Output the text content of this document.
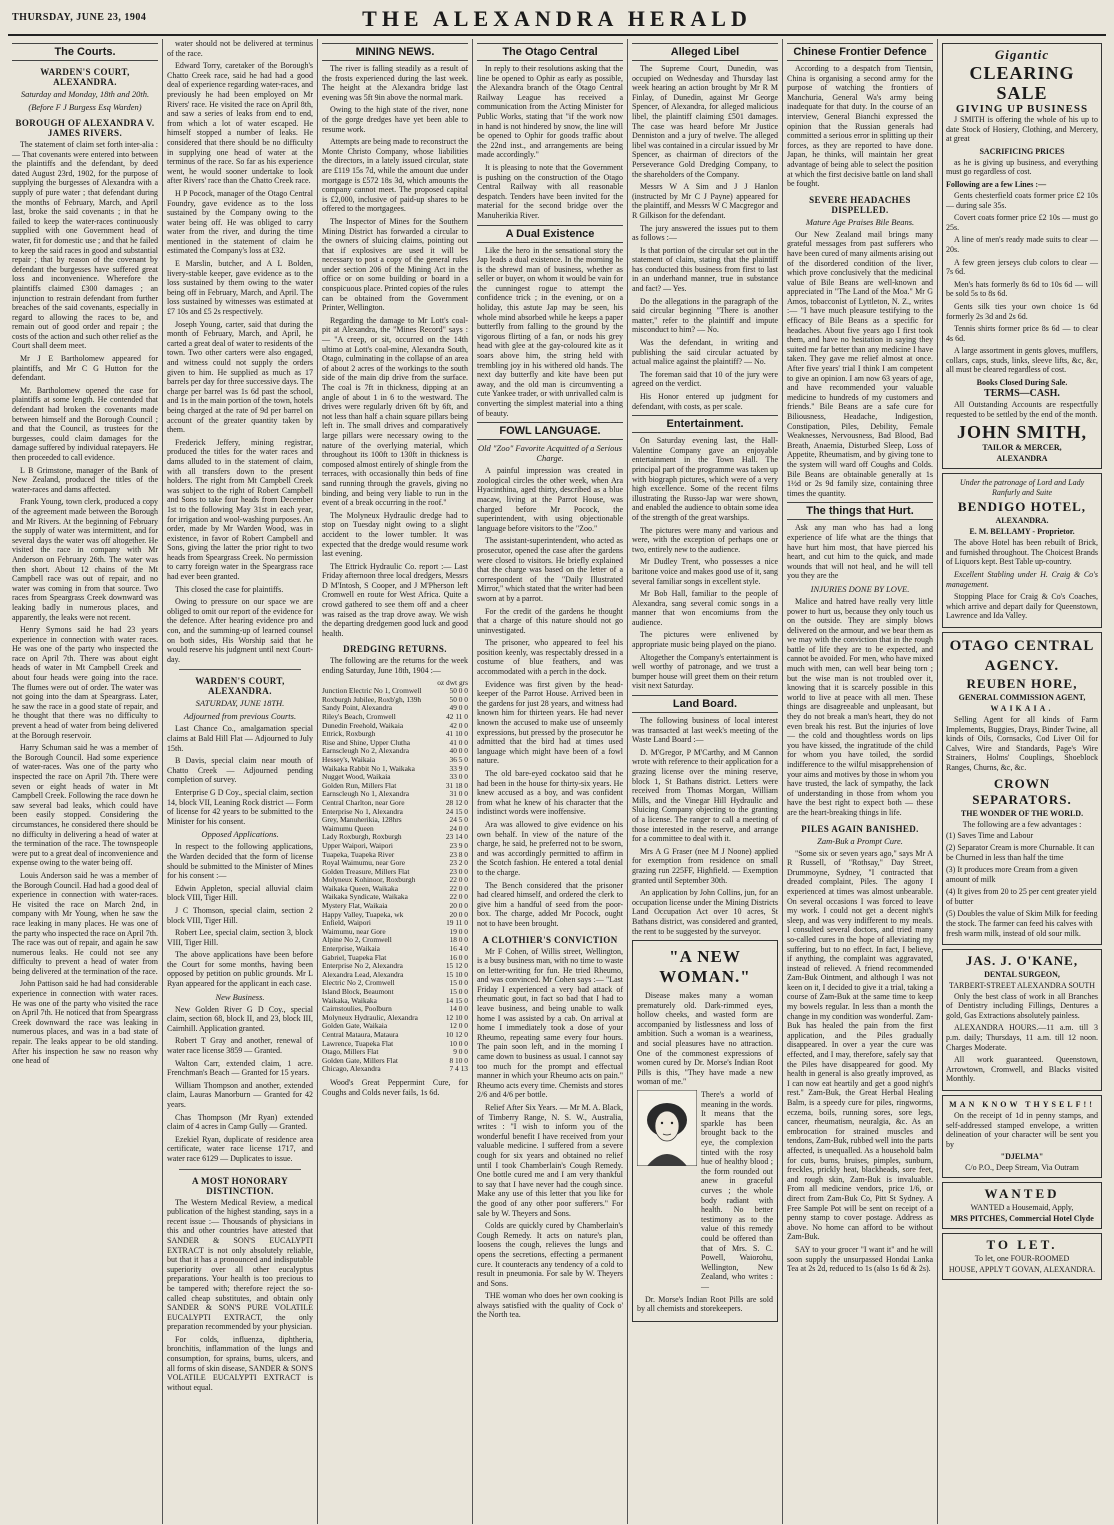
THURSDAY, JUNE 23, 1904	THE ALEXANDRA HERALD
The Courts.
WARDEN'S COURT, ALEXANDRA.
Saturday and Monday, 18th and 20th.
(Before F J Burgess Esq Warden)
BOROUGH OF ALEXANDRA V. JAMES RIVERS.

The statement of claim set forth inter-alia :— That covenants were entered into between the plaintiffs and the defendant, by deed dated August 23rd, 1902, for the purpose of supplying the burgesses of Alexandra with a supply of pure water ; that defendant during the months of February, March, and April last, broke the said covenants ; in that he failed to keep the water-races continuously supplied with one Government head of water, fit for domestic use ; and that he failed to keep the said races in good and substantial repair ; that by reason of the covenant by defendant the burgesses have suffered great loss and inconvenience. Wherefore the plaintiffs claimed £300 damages ; an injunction to restrain defendant from further breaches of the said covenants, especially in regard to allowing the races to be, and remain out of good order and repair ; the costs of the action and such other relief as the Court shall deem meet.

Mr J E Bartholomew appeared for plaintiffs, and Mr C G Hutton for the defendant.

Mr. Bartholomew opened the case for plaintiffs at some length. He contended that defendant had broken the covenants made between himself and the Borough Council ; and that the Council, as trustees for the burgesses, could claim damages for the damage suffered by individual ratepayers. He then proceeded to call evidence.

L B Grimstone, manager of the Bank of New Zealand, produced the titles of the water-races and dams affected.

Frank Young, town clerk, produced a copy of the agreement made between the Borough and Mr Rivers. At the beginning of February the supply of water was intermittent, and for several days the water was off altogether. He visited the race in company with Mr Anderson on February 26th. The water was then short. About 12 chains of the Mt Campbell race was out of repair, and no water was coming in from that source. Two races from Speargrass Creek downward was leaking badly in numerous places, and apparently, the leaks were not recent.

Henry Symons said he had 23 years experience in connection with water races. He was one of the party who inspected the race on April 7th. There was about eight heads of water in Mt Campbell Creek and about four heads were going into the race. The flumes were out of order. The water was not going into the dam at Speargrass. Later, he saw the race in a good state of repair, and he thought that there was no difficulty to prevent a head of water from being delivered at the Borough reservoir.

Harry Schuman said he was a member of the Borough Council. Had some experience of water-races. Was one of the party who inspected the race on April 7th. There were seven or eight heads of water in Mt Campbell Creek. Following the race down he saw several bad leaks, which could have been easily stopped. Considering the circumstances, he considered there should be no difficulty in delivering a head of water at the termination of the race. The townspeople were put to a great deal of inconvenience and expense owing to the water being off.

Louis Anderson said he was a member of the Borough Council. Had had a good deal of experience in connection with water-races. He visited the race on March 2nd, in company with Mr Young, when he saw the race leaking in many places. He was one of the party who inspected the race on April 7th. The race was out of repair, and again he saw numerous leaks. He could not see any difficulty to prevent a head of water from being delivered at the termination of the race.

John Pattison said he had had considerable experience in connection with water races. He was one of the party who visited the race on April 7th. He noticed that from Speargrass Creek downward the race was leaking in numerous places, and was in a bad state of repair. The leaks appear to be old standing. After his inspection he saw no reason why one head of

water should not be delivered at terminus of the race.

Edward Torry, caretaker of the Borough's Chatto Creek race, said he had had a good deal of experience regarding water-races, and previously he had been employed on Mr Rivers' race. He visited the race on April 8th, and saw a series of leaks from end to end, from which a lot of water escaped. He himself stopped a number of leaks. He considered that there should be no difficulty in supplying one head of water at the terminus of the race. So far as his experience went, he would sooner undertake to look after Rivers' race than the Chatto Creek race.

H P Pocock, manager of the Otago Central Foundry, gave evidence as to the loss sustained by the Company owing to the water being off. He was obliged to carry water from the river, and during the time mentioned in the statement of claim he estimated the Company's loss at £32.

E Marslin, butcher, and A L Bolden, livery-stable keeper, gave evidence as to the loss sustained by them owing to the water being off in February, March, and April. The loss sustained by witnesses was estimated at £7 10s and £5 2s respectively.

Joseph Young, carter, said that during the month of February, March, and April, he carted a great deal of water to residents of the town. Two other carters were also engaged, and witness could not supply the orders given to him. He supplied as much as 17 barrels per day for three successive days. The charge per barrel was 1s 6d past the school, and 1s in the main portion of the town, hotels being charged at the rate of 9d per barrel on account of the greater quantity taken by them.

Frederick Jeffery, mining registrar, produced the titles for the water races and dams alluded to in the statement of claim, with all transfers down to the present holders. The right from Mt Campbell Creek was subject to the right of Robert Campbell and Sons to take four heads from December 1st to the following May 31st in each year, for irrigation and wool-washing purposes. An order, made by Mr Warden Wood, was in existence, in favor of Robert Campbell and Sons, giving the latter the prior right to two heads from Speargrass Creek. No permission to carry foreign water in the Speargrass race had ever been granted.

This closed the case for plaintiffs.

Owing to pressure on our space we are obliged to omit our report of the evidence for the defence. After hearing evidence pro and con, and the summing-up of learned counsel on both sides, His Worship said that he would reserve his judgment until next Court-day.

WARDEN'S COURT, ALEXANDRA.
SATURDAY, JUNE 18TH.
Adjourned from previous Courts.

Last Chance Co., amalgamation special claims at Bald Hill Flat — Adjourned to July 15th.

B Davis, special claim near mouth of Chatto Creek — Adjourned pending completion of survey.

Enterprise G D Coy., special claim, section 14, block VII, Leaning Rock district — Form of license for 42 years to be submitted to the Minister for his consent.

Opposed Applications.

In respect to the following applications, the Warden decided that the form of license should be submitted to the Minister of Mines for his consent :—

Edwin Appleton, special alluvial claim block VIII, Tiger Hill.

J C Thomson, special claim, section 2 block VIII, Tiger Hill.

Robert Lee, special claim, section 3, block VIII, Tiger Hill.

The above applications have been before the Court for some months, having been opposed by petition on public grounds. Mr L Ryan appeared for the applicant in each case.

New Business.

New Golden River G D Coy., special claim, section 68, block II, and 23, block III, Cairnhill. Application granted.

Robert T Gray and another, renewal of water race license 3859 — Granted.

Walton Carr, extended claim, 1 acre. Frenchman's Beach — Granted for 15 years.

William Thompson and another, extended claim, Lauras Manorburn — Granted for 42 years.

Chas Thompson (Mr Ryan) extended claim of 4 acres in Camp Gully — Granted.

Ezekiel Ryan, duplicate of residence area certificate, water race license 1717, and water race 6129 — Duplicates to issue.

A MOST HONORARY DISTINCTION.

The Western Medical Review, a medical publication of the highest standing, says in a recent issue :— Thousands of physicians in this and other countries have attested that SANDER & SON'S EUCALYPTI EXTRACT is not only absolutely reliable, but that it has a pronounced and indisputable superiority over all other eucalyptus preparations. Your health is too precious to be tampered with; therefore reject the so-called cheap substitutes, and obtain only SANDER & SON'S PURE VOLATILE EUCALYPTI EXTRACT, the only preparation recommended by your physician.

For colds, influenza, diphtheria, bronchitis, inflammation of the lungs and consumption, for sprains, burns, ulcers, and all forms of skin disease, SANDER & SON'S VOLATILE EUCALYPTI EXTRACT is without equal.

MINING NEWS.

The river is falling steadily as a result of the frosts experienced during the last week. The height at the Alexandra bridge last evening was 5ft 9in above the normal mark.

Owing to the high state of the river, none of the gorge dredges have yet been able to resume work.

Attempts are being made to reconstruct the Monte Christo Company, whose liabilities the directors, in a lately issued circular, state are £119 15s 7d, while the amount due under mortgage is £572 18s 3d, which amounts the company cannot meet. The proposed capital is £2,000, inclusive of paid-up shares to be offered to the mortgagees.

The Inspector of Mines for the Southern Mining District has forwarded a circular to the owners of sluicing claims, pointing out that if explosives are used it will be necessary to post a copy of the general rules under section 206 of the Mining Act in the office or on some building or board in a conspicuous place. Printed copies of the rules can be obtained from the Government Printer, Wellington.

Regarding the damage to Mr Lott's coal-pit at Alexandra, the "Mines Record" says :— "A creep, or sit, occurred on the 14th ultimo at Lott's coal-mine, Alexandra South, Otago, culminating in the collapse of an area of about 2 acres of the workings to the south side of the main dip drive from the surface. The coal is 7ft in thickness, dipping at an angle of about 1 in 6 to the westward. The drives were regularly driven 6ft by 6ft, and not less than half a chain square pillars being left in. The small drives and comparatively large pillars were necessary owing to the nature of the overlying material, which throughout its 100ft to 130ft in thickness is composed almost entirely of shingle from the terraces, with occasionally thin beds of fine sand running through the gravels, giving no binding, and being very liable to run in the event of a break occurring in the roof."

The Molyneux Hydraulic dredge had to stop on Tuesday night owing to a slight accident to the lower tumbler. It was expected that the dredge would resume work last evening.

The Ettrick Hydraulic Co. report :— Last Friday afternoon three local dredgers, Messrs D M'Intosh, S Cooper, and J M'Pherson left Cromwell en route for West Africa. Quite a crowd gathered to see them off and a cheer was raised as the trap drove away. We wish the departing dredgemen good luck and good health.

DREDGING RETURNS.

The following are the returns for the week ending Saturday, June 18th, 1904 :—

oz dwt grs
Junction Electric No 1, Cromwell	50 0 0
Roxburgh Jubilee, Roxb'gh, 139h	50 0 0
Sandy Point, Alexandra	49 0 0
Riley's Beach, Cromwell	42 11 0
Dunedin Freehold, Waikaia	42 0 0
Ettrick, Roxburgh	41 10 0
Rise and Shine, Upper Clutha	41 0 0
Earnscleugh No 2, Alexandra	40 0 0
Hessey's, Waikaia	36 5 0
Waikaka Rabbit No 1, Waikaka	33 9 0
Nugget Wood, Waikaia	33 0 0
Golden Run, Millers Flat	31 18 0
Earnscleugh No 1, Alexandra	31 0 0
Central Charlton, near Gore	28 12 0
Enterprise No 1, Alexandra	24 15 0
Grey, Manuherikia, 128hrs	24 5 0
Waimumu Queen	24 0 0
Lady Roxburgh, Roxburgh	23 14 0
Upper Waipori, Waipori	23 9 0
Tuapeka, Tuapeka River	23 8 0
Royal Waimumu, near Gore	23 2 0
Golden Treasure, Millers Flat	23 0 0
Molyneux Kohinoor, Roxburgh	22 0 0
Waikaka Queen, Waikaka	22 0 0
Waikaka Syndicate, Waikaka	22 0 0
Mystery Flat, Waikaia	20 0 0
Happy Valley, Tuapeka, wk	20 0 0
Enfield, Waipori	19 11 0
Waimumu, near Gore	19 0 0
Alpine No 2, Cromwell	18 0 0
Enterprise, Waikaia	16 4 0
Gabriel, Tuapeka Flat	16 0 0
Enterprise No 2, Alexandra	15 12 0
Alexandra Lead, Alexandra	15 10 0
Electric No 2, Cromwell	15 0 0
Island Block, Beaumont	15 0 0
Waikaka, Waikaka	14 15 0
Cairnstoulies, Poolburn	14 0 0
Molyneux Hydraulic, Alexandra	12 10 0
Golden Gate, Waikaia	12 0 0
Central Mataura, Mataura	10 12 0
Lawrence, Tuapeka Flat	10 0 0
Otago, Millers Flat	9 0 0
Golden Gate, Millers Flat	8 10 0
Chicago, Alexandra	7 4 13

Wood's Great Peppermint Cure, for Coughs and Colds never fails, 1s 6d.

The Otago Central

In reply to their resolutions asking that the line be opened to Ophir as early as possible, the Alexandra branch of the Otago Central Railway League has received a communication from the Acting Minister for Public Works, stating that "if the work now in hand is not hindered by snow, the line will be opened to Ophir for goods traffic about the 22nd inst., and arrangements are being made accordingly."

It is pleasing to note that the Government is pushing on the construction of the Otago Central Railway with all reasonable despatch. Tenders have been invited for the material for the second bridge over the Manuherikia River.

A Dual Existence

Like the hero in the sensational story the Jap leads a dual existence. In the morning he is the shrewd man of business, whether as seller or buyer, on whom it would be vain for the cunningest rogue to attempt the confidence trick ; in the evening, or on a holiday, this astute Jap may be seen, his whole mind absorbed while he keeps a paper butterfly from falling to the ground by the vigorous flirting of a fan, or nods his grey head with glee at the gay-coloured kite as it soars above him, the string held with trembling joy in his withered old hands. The next day butterfly and kite have been put away, and the old man is circumventing a cute Yankee trader, or with unrivalled calm is converting the simplest material into a thing of beauty.

FOWL LANGUAGE.
Old "Zoo" Favorite Acquitted of a Serious Charge.

A painful impression was created in zoological circles the other week, when Ara Hyacinthina, aged thirty, described as a blue macaw, living at the Parrot House, was charged before Mr Pocock, the superintendent, with using objectionable language before visitors to the "Zoo."

The assistant-superintendent, who acted as prosecutor, opened the case after the gardens were closed to visitors. He briefly explained that the charge was based on the letter of a correspondent of the "Daily Illustrated Mirror," which stated that the writer had been sworn at by a parrot.

For the credit of the gardens he thought that a charge of this nature should not go uninvestigated.

The prisoner, who appeared to feel his position keenly, was respectably dressed in a costume of blue feathers, and was accommodated with a perch in the dock.

Evidence was first given by the head-keeper of the Parrot House. Arrived been in the gardens for just 28 years, and witness had known him for thirteen years. He had never known the accused to make use of unseemly expressions, but pressed by the prosecutor he admitted that the bird had at times used language which might have been of a fowl nature.

The old bare-eyed cockatoo said that he had been in the house for thirty-six years. He knew accused as a boy, and was confident from what he knew of his character that the indistinct words were inoffensive.

Ara was allowed to give evidence on his own behalf. In view of the nature of the charge, he said, he preferred not to be sworn, and was accordingly permitted to affirm in the Scotch fashion. He entered a total denial to the charge.

The Bench considered that the prisoner had cleared himself, and ordered the clerk to give him a handful of seed from the poor-box. The charge, added Mr Pocock, ought not to have been brought.

A CLOTHIER'S CONVICTION

Mr F Cohen, of Willis street, Wellington, is a busy business man, with no time to waste on letter-writing for fun. He tried Rheumo, and was convinced. Mr Cohen says :— "Last Friday I experienced a very bad attack of rheumatic gout, in fact so bad that I had to leave business, and being unable to walk home I was assisted by a cab. On arrival at home I immediately took a dose of your Rheumo, repeating same every four hours. The pain soon left, and in the morning I came down to business as usual. I cannot say too much for the prompt and effectual manner in which your Rheumo acts on pain." Rheumo acts every time. Chemists and stores 2/6 and 4/6 per bottle.

Relief After Six Years. — Mr M. A. Black, of Timberry Range, N. S. W., Australia, writes : "I wish to inform you of the wonderful benefit I have received from your valuable medicine. I suffered from a severe cough for six years and obtained no relief until I took Chamberlain's Cough Remedy. One bottle cured me and I am very thankful to say that I have never had the cough since. Make any use of this letter that you like for the good of any other poor sufferers." For sale by W. Theyers and Sons.

Colds are quickly cured by Chamberlain's Cough Remedy. It acts on nature's plan, loosens the cough, relieves the lungs and opens the secretions, effecting a permanent cure. It counteracts any tendency of a cold to result in pneumonia. For sale by W. Theyers and Sons.

THE woman who does her own cooking is always satisfied with the quality of Cock o' the North tea.

Alleged Libel

The Supreme Court, Dunedin, was occupied on Wednesday and Thursday last week hearing an action brought by Mr R M Finlay, of Dunedin, against Mr George Spencer, of Alexandra, for alleged malicious libel, the plaintiff claiming £501 damages. The case was heard before Mr Justice Denniston and a jury of twelve. The alleged libel was contained in a circular issued by Mr Spencer, as chairman of directors of the Perseverance Gold Dredging Company, to the shareholders of the Company.

Messrs W A Sim and J J Hanlon (instructed by Mr C J Payne) appeared for the plaintiff, and Messrs W C Macgregor and R Gilkison for the defendant.

The jury answered the issues put to them as follows :—

Is that portion of the circular set out in the statement of claim, stating that the plaintiff has conducted this business from first to last in an underhand manner, true in substance and fact? — Yes.

Do the allegations in the paragraph of the said circular beginning "There is another matter," refer to the plaintiff and impute misconduct to him? — No.

Was the defendant, in writing and publishing the said circular actuated by actual malice against the plaintiff? — No.

The foreman said that 10 of the jury were agreed on the verdict.

His Honor entered up judgment for defendant, with costs, as per scale.

Entertainment.

On Saturday evening last, the Hall-Valentine Company gave an enjoyable entertainment in the Town Hall. The principal part of the programme was taken up with biograph pictures, which were of a very high excellence. Some of the recent films illustrating the Russo-Jap war were shown, and enabled the audience to obtain some idea of the strength of the great warships.

The pictures were many and various and were, with the exception of perhaps one or two, entirely new to the audience.

Mr Dudley Trent, who possesses a nice baritone voice and makes good use of it, sang several familiar songs in excellent style.

Mr Bob Hall, familiar to the people of Alexandra, sang several comic songs in a manner that won encomiums from the audience.

The pictures were enlivened by appropriate music being played on the piano.

Altogether the Company's entertainment is well worthy of patronage, and we trust a bumper house will greet them on their return visit next Saturday.

Land Board.

The following business of local interest was transacted at last week's meeting of the Waste Land Board :—

D. M'Gregor, P M'Carthy, and M Cannon wrote with reference to their application for a grazing license over the mining reserve, block 1, St Bathans district. Letters were received from Thomas Morgan, William Mills, and the Vinegar Hill Hydraulic and Sluicing Company objecting to the granting of a license. The ranger to call a meeting of those interested in the reserve, and arrange for a committee to deal with it.

Mrs A G Fraser (nee M J Noone) applied for exemption from residence on small grazing run 225FF, Highfield. — Exemption granted until September 30th.

An application by John Collins, jun, for an occupation license under the Mining Districts Land Occupation Act over 10 acres, St Bathans district, was considered and granted, the rent to be suggested by the surveyor.

"A NEW WOMAN."

Disease makes many a woman prematurely old. Dark-rimmed eyes, hollow cheeks, and wasted form are accompanied by listlessness and loss of ambition. Such a woman is a weariness, and social pleasures have no attraction. One of the commonest expressions of women cured by Dr. Morse's Indian Root Pills is this, "They have made a new woman of me."

There's a world of meaning in the words. It means that the sparkle has been brought back to the eye, the complexion tinted with the rosy hue of healthy blood ; the form rounded out anew in graceful curves ; the whole body radiant with health. No better testimony as to the value of this remedy could be offered than that of Mrs. S. C. Powell, Waiorohu, Wellington, New Zealand, who writes :—

Dr. Morse's Indian Root Pills are sold by all chemists and storekeepers.

Chinese Frontier Defence

According to a despatch from Tientsin, China is organising a second army for the purpose of watching the frontiers of Manchuria, General Wa's army being inadequate for that duty. In the course of an interview, General Bianchi expressed the opinion that the Russian generals had committed a serious error in splitting up their forces, as they are reported to have done. Japan, he thinks, will maintain her great advantage of being able to select the position at which the first decisive battle on land shall be fought.

SEVERE HEADACHES DISPELLED.
Mature Age Praises Bile Beans.

Our New Zealand mail brings many grateful messages from past sufferers who have been cured of many ailments arising out of the disordered condition of the liver, which prove conclusively that the medicinal value of Bile Beans are well-known and appreciated in "The Land of the Moa." Mr G Amos, tobacconist of Lyttleton, N. Z., writes :— "I have much pleasure testifying to the efficacy of Bile Beans as a specific for headaches. About five years ago I first took them, and have no hesitation in saying they suited me far better than any medicine I have taken. They gave me relief almost at once. After five years' trial I think I am competent to give an opinion. I am now 63 years of age, and have recommended your valuable medicine to hundreds of my customers and friends." Bile Beans are a safe cure for Biliousness, Headache, Indigestion, Constipation, Piles, Debility, Female Weaknesses, Nervousness, Bad Blood, Bad Breath, Anaemia, Disturbed Sleep, Loss of Appetite, Rheumatism, and by giving tone to the system will ward off Coughs and Colds. Bile Beans are obtainable generally at 1s 1½d or 2s 9d family size, containing three times the quantity.

The things that Hurt.

Ask any man who has had a long experience of life what are the things that have hurt him most, that have pierced his heart, and cut him to the quick, and made wounds that will not heal, and he will tell you they are the

INJURIES DONE BY LOVE.

Malice and hatred have really very little power to hurt us, because they only touch us on the outside. They are simply blows delivered on the armour, and we bear them as we may with the conviction that in the rough battle of life they are to be expected, and cannot be avoided. For men, who have mixed much with men, can well bear being torn ; but the wise man is not troubled over it, knowing that it is scarcely possible in this world to live at peace with all men. These things are disagreeable and unpleasant, but they do not break a man's heart, they do not even break his rest. But the injuries of love — the cold and thoughtless words on lips you have kissed, the ingratitude of the child for whom you have toiled, the sordid indifference to the wilful misapprehension of your aims and motives by those in whom you have trusted, the lack of sympathy, the lack of understanding in those from whom you have the best right to expect both — these are the heart-breaking things in life.

PILES AGAIN BANISHED.
Zam-Buk a Prompt Cure.

"Some six or seven years ago," says Mr A R Russell, of "Rothsay," Day Street, Drummoyne, Sydney, "I contracted that dreaded complaint, Piles. The agony I experienced at times was almost unbearable. On several occasions I was forced to leave my work. I could not get a decent night's sleep, and was very indifferent to my meals. I consulted several doctors, and tried many so-called cures in the hope of alleviating my suffering, but to no effect. In fact, I believe, if anything, the complaint was aggravated, instead of relieved. A friend recommended Zam-Buk Ointment, and although I was not keen on it, I decided to give it a trial, taking a course of Zam-Buk at the same time to keep my bowels regular. In less than a month the change in my condition was wonderful. Zam-Buk has healed the pain from the first application, and the Piles gradually disappeared. In over a year the cure was effected, and I may, therefore, safely say that the Piles have disappeared for good. My health in general is also greatly improved, as I can now eat heartily and get a good night's rest." Zam-Buk, the Great Herbal Healing Balm, is a speedy cure for piles, ringworms, eczema, boils, running sores, sore legs, cancer, rheumatism, neuralgia, &c. As an embrocation for strained muscles and tendons, Zam-Buk, rubbed well into the parts affected, is unequalled. As a household balm for cuts, burns, bruises, pimples, sunburn, freckles, prickly heat, blackheads, sore feet, and rough skin, Zam-Buk is invaluable. From all medicine vendors, price 1/6, or direct from Zam-Buk Co, Pitt St Sydney. A Free Sample Pot will be sent on receipt of a penny stamp to cover postage. Address as above. No home can afford to be without Zam-Buk.

SAY to your grocer "I want it" and he will soon supply the unsurpassed Hondai Lanka Tea at 2s 2d, reduced to 1s (also 1s 6d & 2s).

Gigantic
CLEARING SALE
GIVING UP BUSINESS

J SMITH is offering the whole of his up to date Stock of Hosiery, Clothing, and Mercery, at great

SACRIFICING PRICES

as he is giving up business, and everything must go regardless of cost.

Following are a few Lines :—

Gents chesterfield coats former price £2 10s — during sale 35s.

Covert coats former price £2 10s — must go 25s.

A line of men's ready made suits to clear — 20s.

A few green jerseys club colors to clear — 7s 6d.

Men's hats formerly 8s 6d to 10s 6d — will be sold 5s to 8s 6d.

Gents silk ties your own choice 1s 6d formerly 2s 3d and 2s 6d.

Tennis shirts former price 8s 6d — to clear 4s 6d.

A large assortment in gents gloves, mufflers, collars, caps, studs, links, sleeve lifts, &c, &c, all must be cleared regardless of cost.

Books Closed During Sale.
TERMS—CASH.

All Outstanding Accounts are respectfully requested to be settled by the end of the month.

JOHN SMITH,
TAILOR & MERCER,
ALEXANDRA
Under the patronage of Lord and Lady Ranfurly and Suite
BENDIGO HOTEL,
ALEXANDRA.
E. M. BELLAMY - Proprietor.

The above Hotel has been rebuilt of Brick, and furnished throughout. The Choicest Brands of Liquors kept. Best Table up-country.

Excellent Stabling under H. Craig & Co's management.

Stopping Place for Craig & Co's Coaches, which arrive and depart daily for Queenstown, Lawrence and Ida Valley.

OTAGO CENTRAL AGENCY.
REUBEN HORE,
GENERAL COMMISSION AGENT,
WAIKAIA.

Selling Agent for all kinds of Farm Implements, Buggies, Drays, Binder Twine, all kinds of Oils, Cornsacks, Cod Liver Oil for Calves, Wire and Standards, Page's Wire Strainers, Holms' Couplings, Shoeblock Ranges, Churns, &c, &c.

CROWN SEPARATORS.
THE WONDER OF THE WORLD.
The following are a few advantages :
(1) Saves Time and Labour
(2) Separator Cream is more Churnable. It can be Churned in less than half the time
(3) It produces more Cream from a given amount of milk
(4) It gives from 20 to 25 per cent greater yield of butter
(5) Doubles the value of Skim Milk for feeding the stock. The farmer can feed his calves with fresh warm milk, instead of old sour milk.
JAS. J. O'KANE,
DENTAL SURGEON,
TARBERT-STREET ALEXANDRA SOUTH

Only the best class of work in all Branches of Dentistry including Fillings, Dentures a gold, Gas Extractions absolutely painless.

ALEXANDRA HOURS.—11 a.m. till 3 p.m. daily; Thursdays, 11 a.m. till 12 noon. Charges Moderate.

All work guaranteed. Queenstown, Arrowtown, Cromwell, and Blacks visited Monthly.

MAN KNOW THYSELF!!

On the receipt of 1d in penny stamps, and self-addressed stamped envelope, a written delineation of your character will be sent you by

"DJELMA"
C/o P.O., Deep Stream, Via Outram
WANTED
WANTED a Housemaid, Apply,
MRS PITCHES, Commercial Hotel Clyde
TO LET.
To let, one FOUR-ROOMED
HOUSE, APPLY T GOVAN, ALEXANDRA.
